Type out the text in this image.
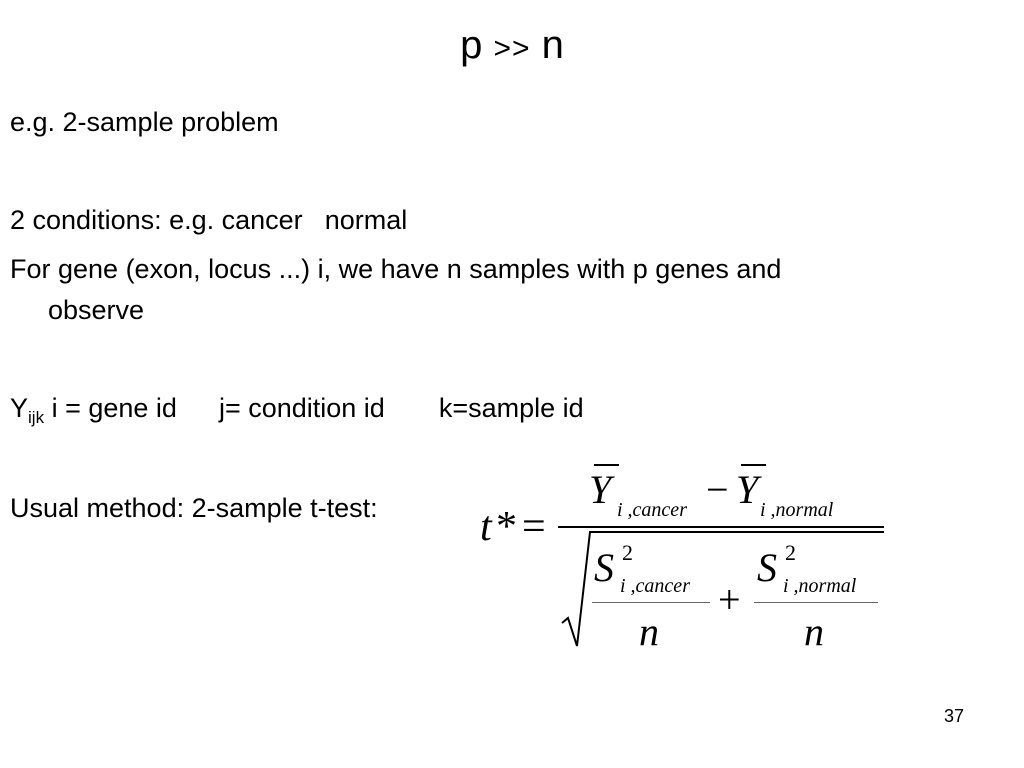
p >> n
e.g. 2-sample problem
2 conditions: e.g. cancer normal
For gene (exon, locus ...) i, we have n samples with p genes and
observe
$Y_{ijk}$ i = gene id j= condition id k=sample id
Usual method: 2-sample t-test: t * =
Y i ,cancer − Y i ,normal
S 2
i ,cancer
n
+
S 2
i ,normal
n
37
